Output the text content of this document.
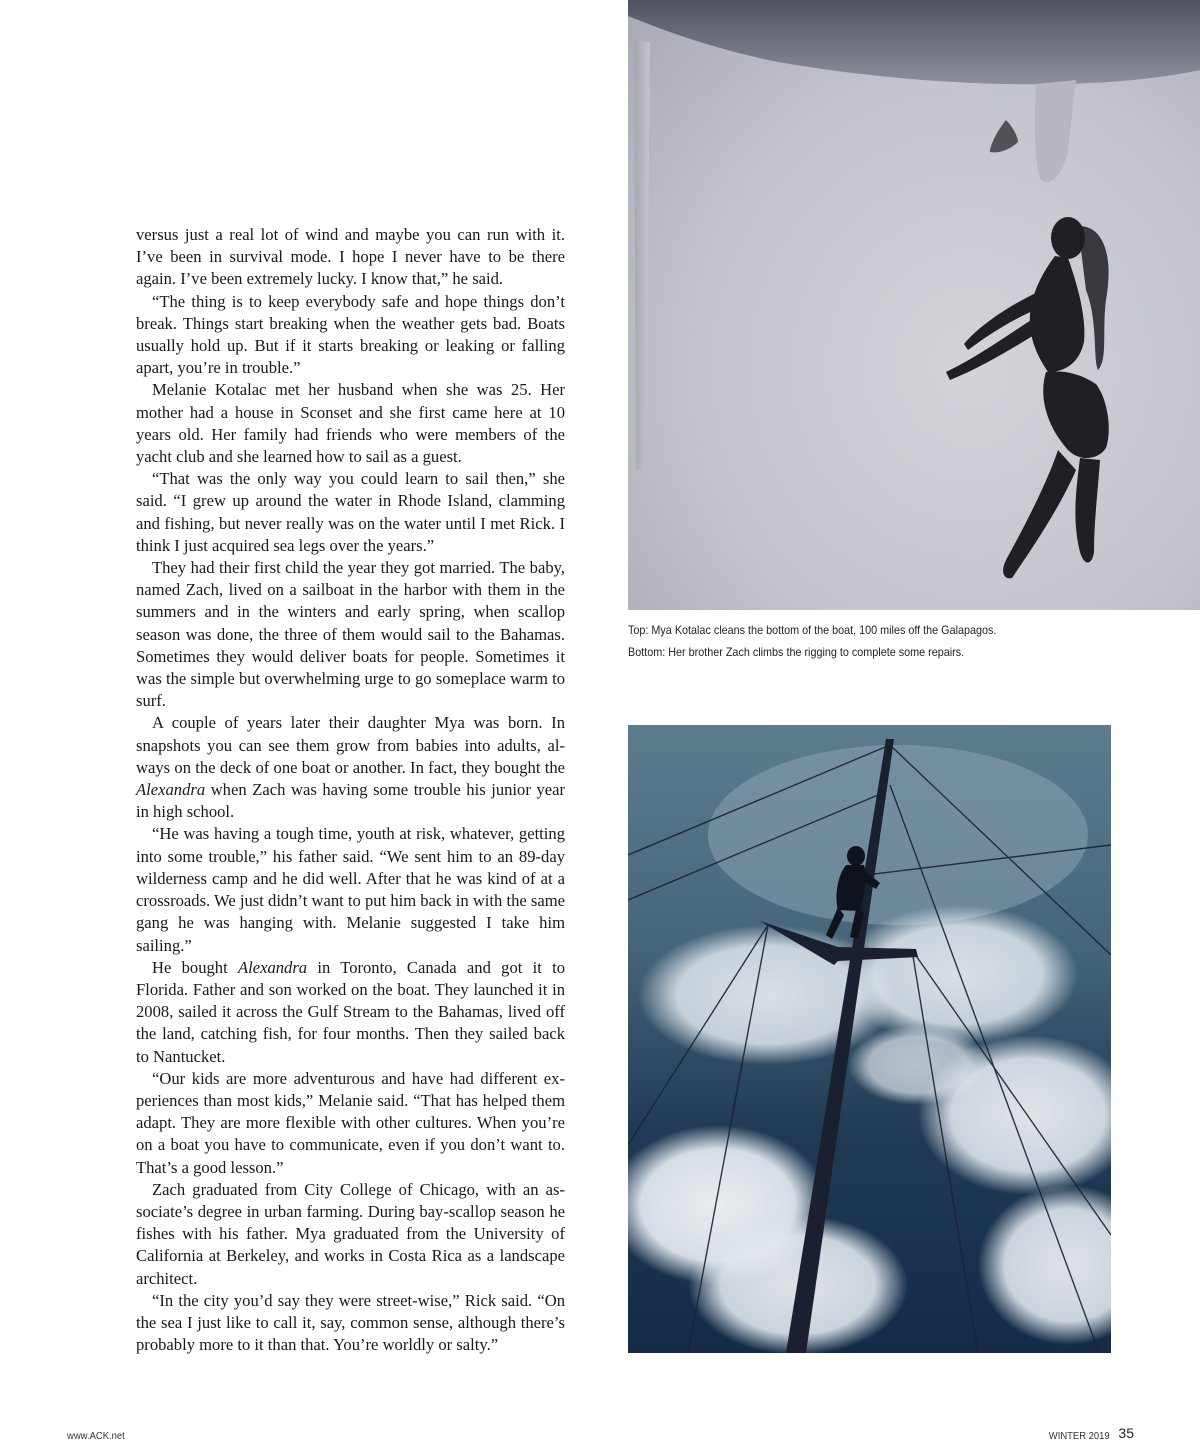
versus just a real lot of wind and maybe you can run with it. I’ve been in survival mode. I hope I never have to be there again. I’ve been extremely lucky. I know that,” he said.

“The thing is to keep everybody safe and hope things don’t break. Things start breaking when the weather gets bad. Boats usually hold up. But if it starts breaking or leaking or falling apart, you’re in trouble.”

Melanie Kotalac met her husband when she was 25. Her mother had a house in Sconset and she first came here at 10 years old. Her family had friends who were members of the yacht club and she learned how to sail as a guest.

“That was the only way you could learn to sail then,” she said. “I grew up around the water in Rhode Island, clamming and fishing, but never really was on the water until I met Rick. I think I just acquired sea legs over the years.”

They had their first child the year they got married. The baby, named Zach, lived on a sailboat in the harbor with them in the summers and in the winters and early spring, when scallop season was done, the three of them would sail to the Bahamas. Sometimes they would deliver boats for people. Sometimes it was the simple but overwhelming urge to go someplace warm to surf.

A couple of years later their daughter Mya was born. In snapshots you can see them grow from babies into adults, always on the deck of one boat or another. In fact, they bought the Alexandra when Zach was having some trouble his junior year in high school.

“He was having a tough time, youth at risk, whatever, getting into some trouble,” his father said. “We sent him to an 89-day wilderness camp and he did well. After that he was kind of at a crossroads. We just didn’t want to put him back in with the same gang he was hanging with. Melanie suggested I take him sailing.”

He bought Alexandra in Toronto, Canada and got it to Florida. Father and son worked on the boat. They launched it in 2008, sailed it across the Gulf Stream to the Bahamas, lived off the land, catching fish, for four months. Then they sailed back to Nantucket.

“Our kids are more adventurous and have had different experiences than most kids,” Melanie said. “That has helped them adapt. They are more flexible with other cultures. When you’re on a boat you have to communicate, even if you don’t want to. That’s a good lesson.”

Zach graduated from City College of Chicago, with an associate’s degree in urban farming. During bay-scallop season he fishes with his father. Mya graduated from the University of California at Berkeley, and works in Costa Rica as a landscape architect.

“In the city you’d say they were street-wise,” Rick said. “On the sea I just like to call it, say, common sense, although there’s probably more to it than that. You’re worldly or salty.”

Top: Mya Kotalac cleans the bottom of the boat, 100 miles off the Galapagos.
Bottom: Her brother Zach climbs the rigging to complete some repairs.
www.ACK.net	WINTER 2019 35
